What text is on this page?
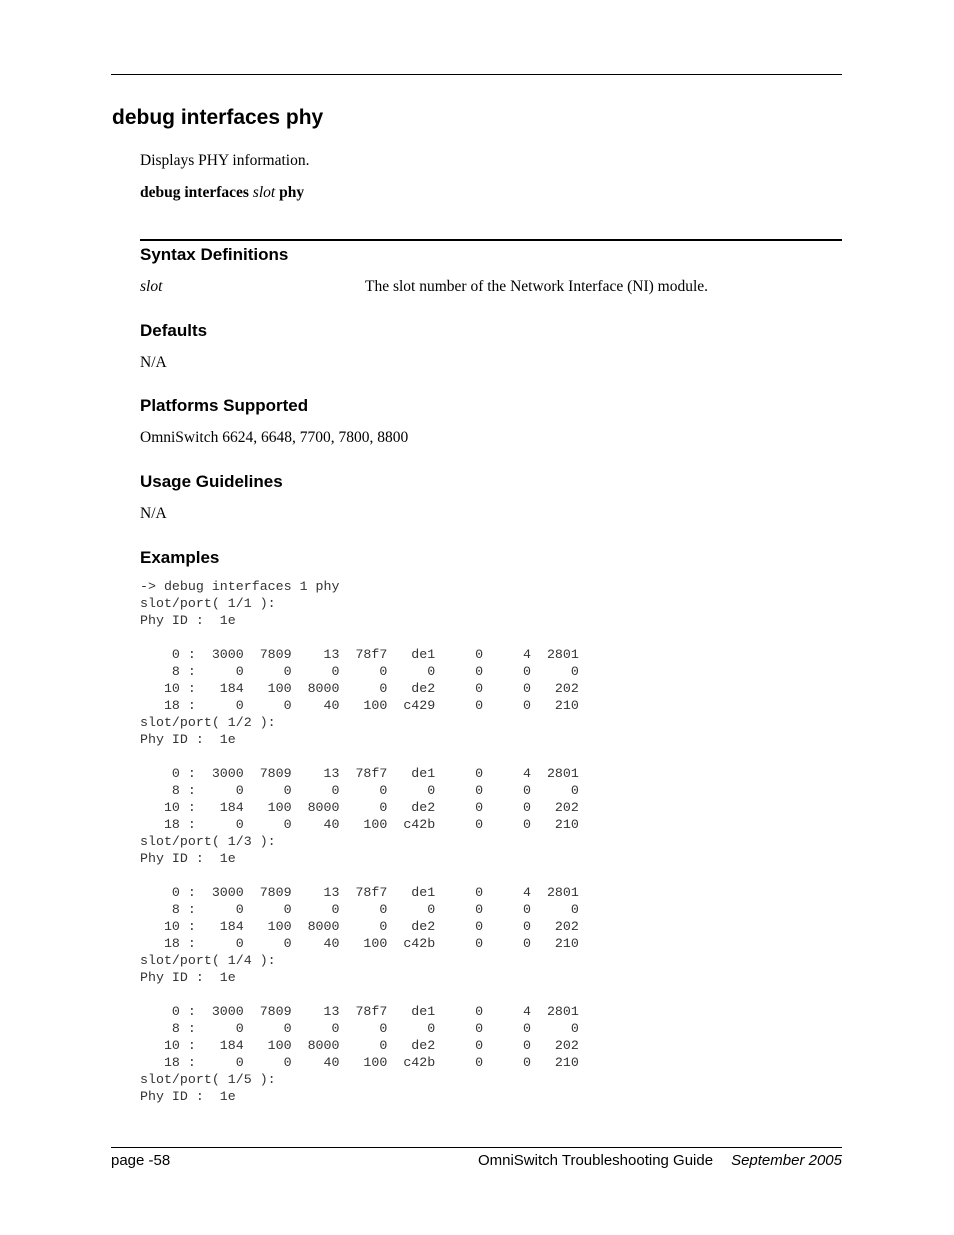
debug interfaces phy
Displays PHY information.
debug interfaces slot phy
Syntax Definitions
slot	The slot number of the Network Interface (NI) module.
Defaults
N/A
Platforms Supported
OmniSwitch 6624, 6648, 7700, 7800, 8800
Usage Guidelines
N/A
Examples
-> debug interfaces 1 phy
slot/port( 1/1 ):
Phy ID :  1e

0 :  3000  7809    13  78f7   de1     0     4  2801
8 :     0     0     0     0     0     0     0     0
10 :   184   100  8000     0   de2     0     0   202
18 :     0     0    40   100  c429     0     0   210
slot/port( 1/2 ):
Phy ID :  1e

0 :  3000  7809    13  78f7   de1     0     4  2801
8 :     0     0     0     0     0     0     0     0
10 :   184   100  8000     0   de2     0     0   202
18 :     0     0    40   100  c42b     0     0   210
slot/port( 1/3 ):
Phy ID :  1e

0 :  3000  7809    13  78f7   de1     0     4  2801
8 :     0     0     0     0     0     0     0     0
10 :   184   100  8000     0   de2     0     0   202
18 :     0     0    40   100  c42b     0     0   210
slot/port( 1/4 ):
Phy ID :  1e

0 :  3000  7809    13  78f7   de1     0     4  2801
8 :     0     0     0     0     0     0     0     0
10 :   184   100  8000     0   de2     0     0   202
18 :     0     0    40   100  c42b     0     0   210
slot/port( 1/5 ):
Phy ID :  1e
page -58	OmniSwitch Troubleshooting Guide September 2005
